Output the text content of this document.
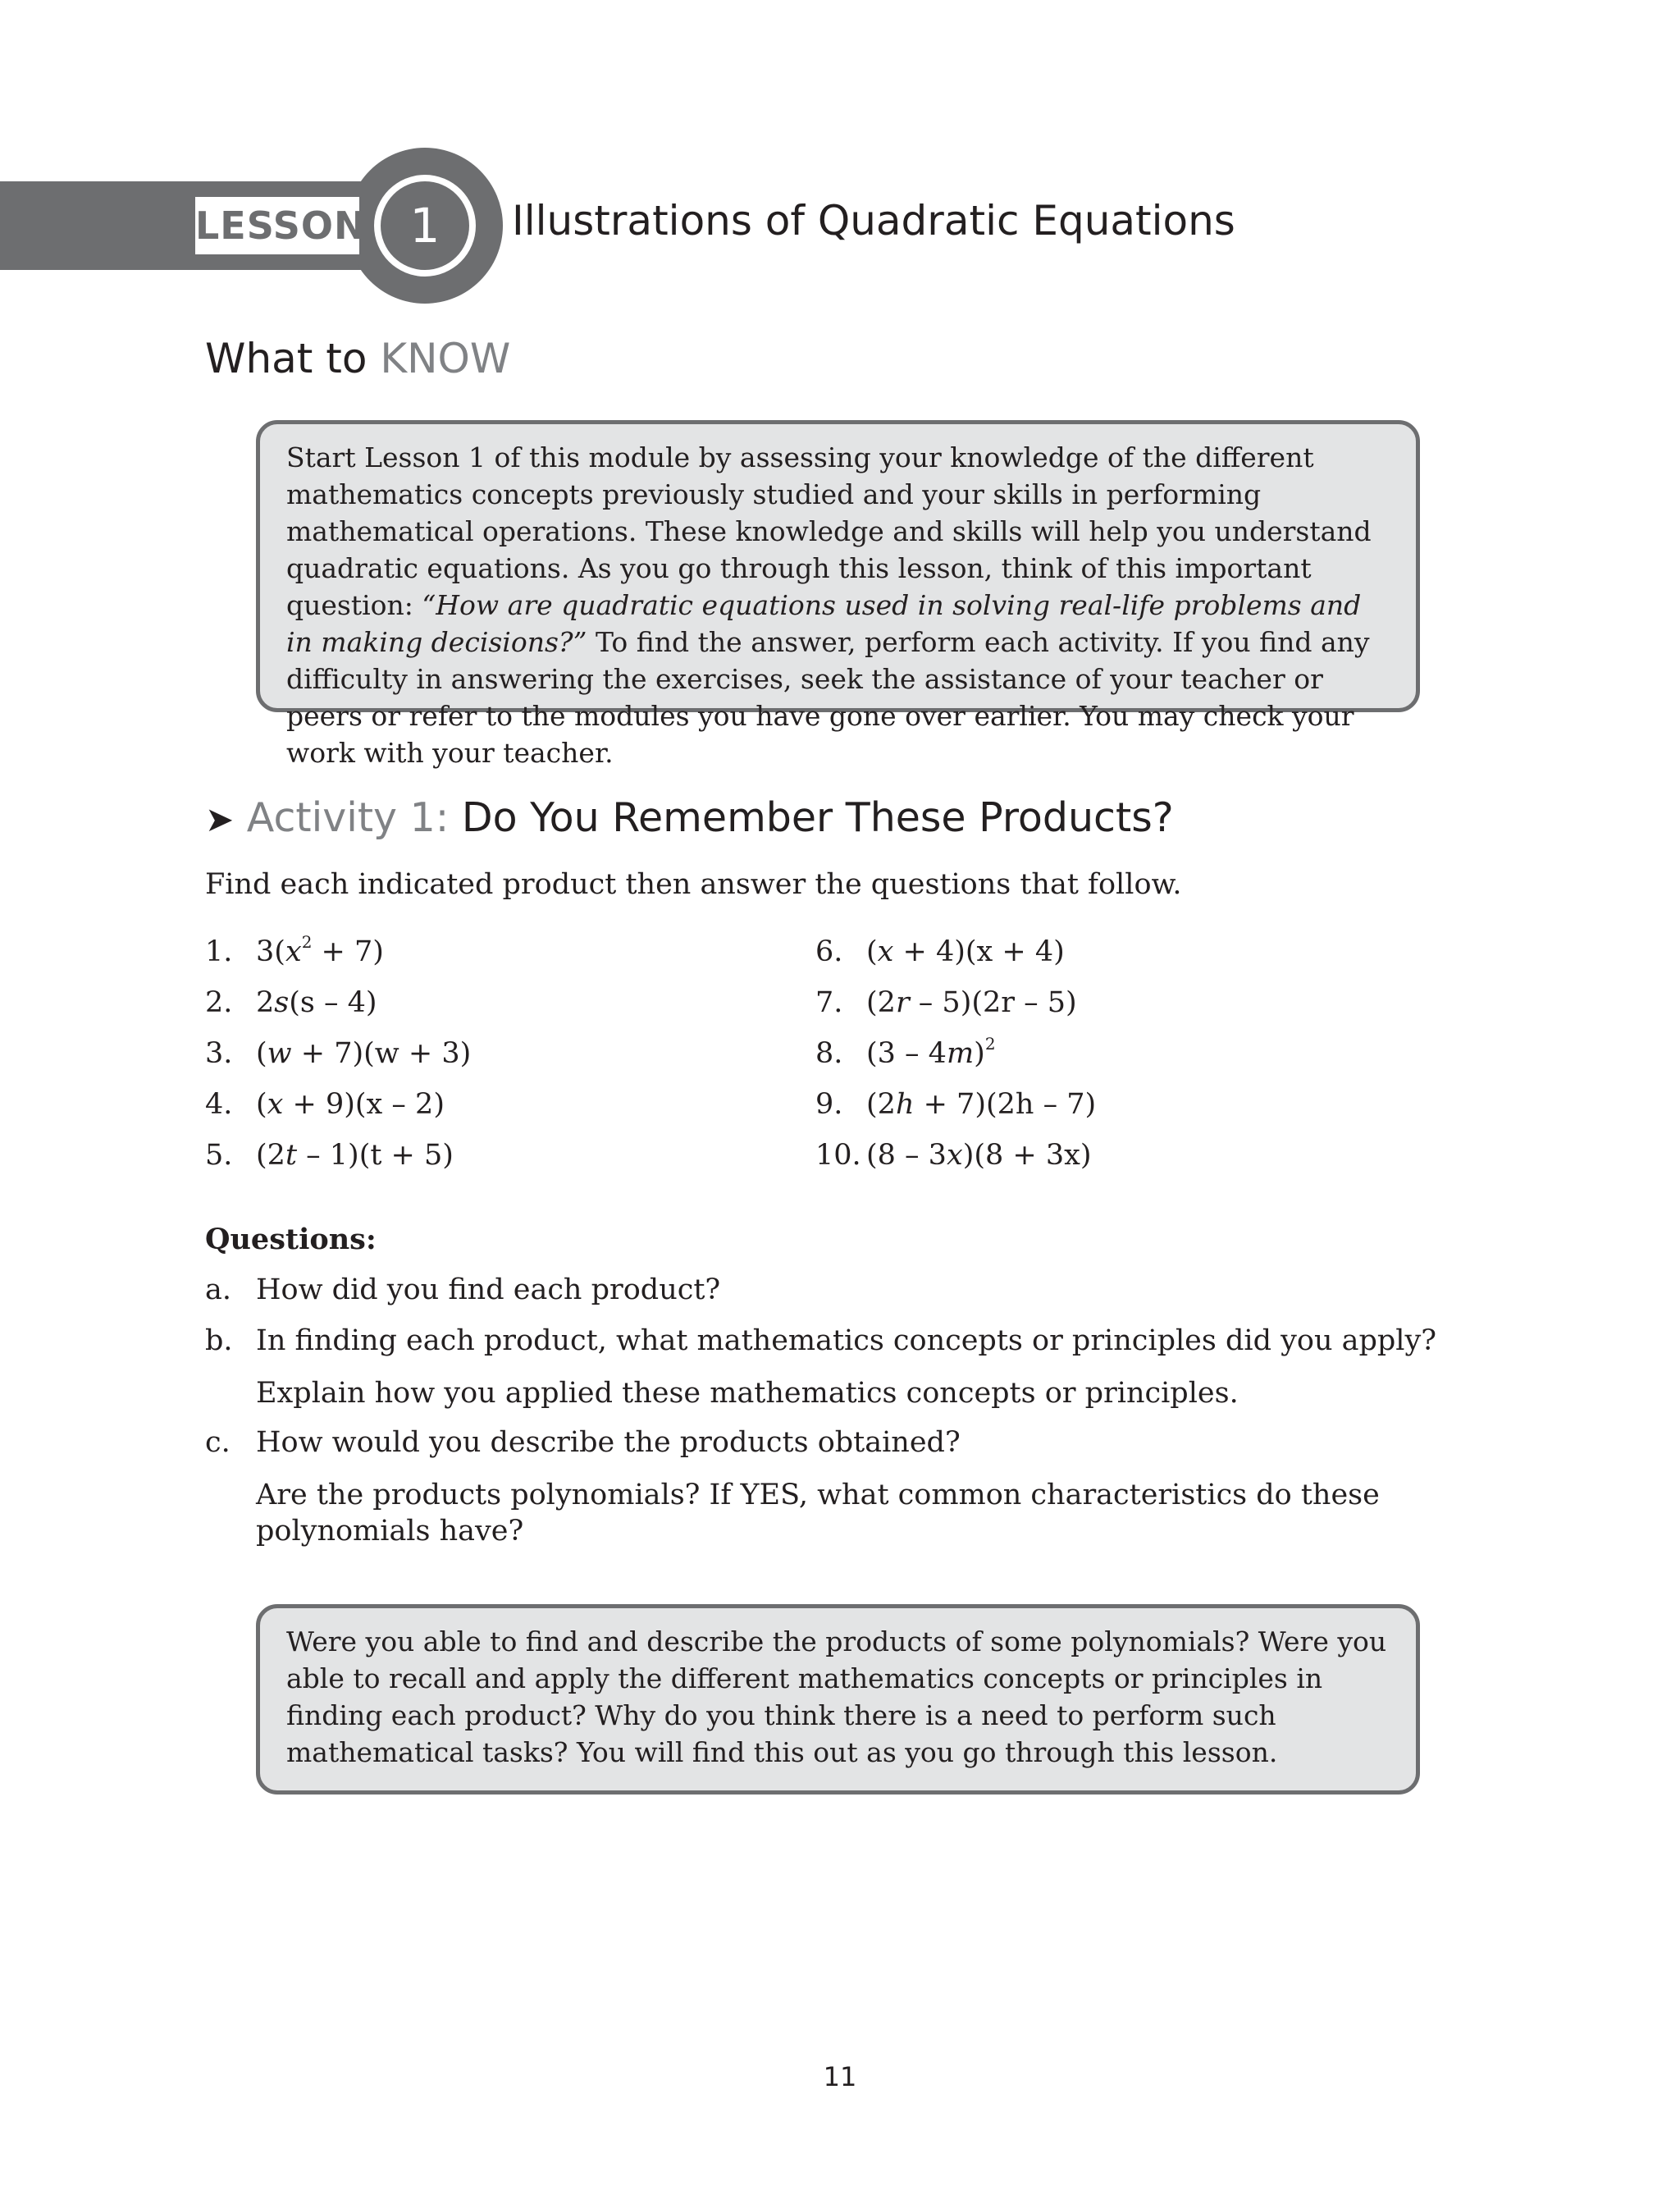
LESSON 1	Illustrations of Quadratic Equations
What to KNOW
Start Lesson 1 of this module by assessing your knowledge of the different mathematics concepts previously studied and your skills in performing mathematical operations. These knowledge and skills will help you understand quadratic equations. As you go through this lesson, think of this important question: “How are quadratic equations used in solving real-life problems and in making decisions?” To find the answer, perform each activity. If you find any difficulty in answering the exercises, seek the assistance of your teacher or peers or refer to the modules you have gone over earlier. You may check your work with your teacher.
➤ Activity 1: Do You Remember These Products?
Find each indicated product then answer the questions that follow.
1. $3(x^2 + 7)$
2. 2s(s – 4)
3. (w + 7)(w + 3)
4. (x + 9)(x – 2)
5. (2t – 1)(t + 5)
6. (x + 4)(x + 4)
7. (2r – 5)(2r – 5)
8. (3 – 4m)$^2$
9. (2h + 7)(2h – 7)
10. (8 – 3x)(8 + 3x)
Questions:
a. How did you find each product?
b. In finding each product, what mathematics concepts or principles did you apply?
Explain how you applied these mathematics concepts or principles.
c. How would you describe the products obtained?
Are the products polynomials? If YES, what common characteristics do these polynomials have?
Were you able to find and describe the products of some polynomials? Were you able to recall and apply the different mathematics concepts or principles in finding each product? Why do you think there is a need to perform such mathematical tasks? You will find this out as you go through this lesson.
11
